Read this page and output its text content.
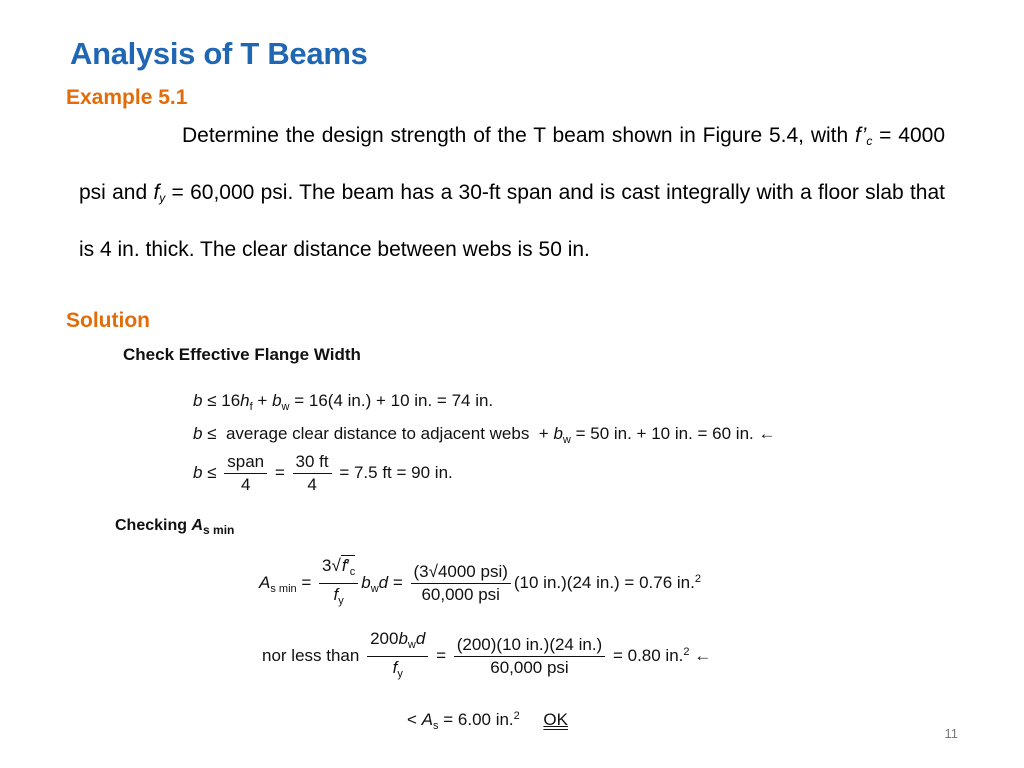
Analysis of T Beams
Example 5.1
Determine the design strength of the T beam shown in Figure 5.4, with $f’_c = 4000$ psi and $f_y = 60,000$ psi. The beam has a 30-ft span and is cast integrally with a floor slab that is 4 in. thick. The clear distance between webs is 50 in.
Solution
Check Effective Flange Width
$b \le 16h_f + b_w = 16(4$ in.) + 10 in. = 74 in.
b ≤  average clear distance to adjacent webs  + $b_w = 50$ in. + 10 in. = 60 in. ←
$b \le \frac{\text{span}}{4} = \frac{30 ft}{4} = 7.5$ ft = 90 in.
Checking $A_{s min}$
$A_{s min} = \frac{3√f'_c}{f_y} b_wd = \frac{\text{(3√4000 psi)}}{\text{60,000 psi}} (10$ in.)(24 in.) = 0.76 in.$^2$
nor less than $\frac{200b_wd}{f_y} = \frac{(200)(10 in.)(24 in.)}{\text{60,000 psi}} = 0.80$ in.$^2$ ←
< $A_s = 6.00$ in.$^2$ OK
11
